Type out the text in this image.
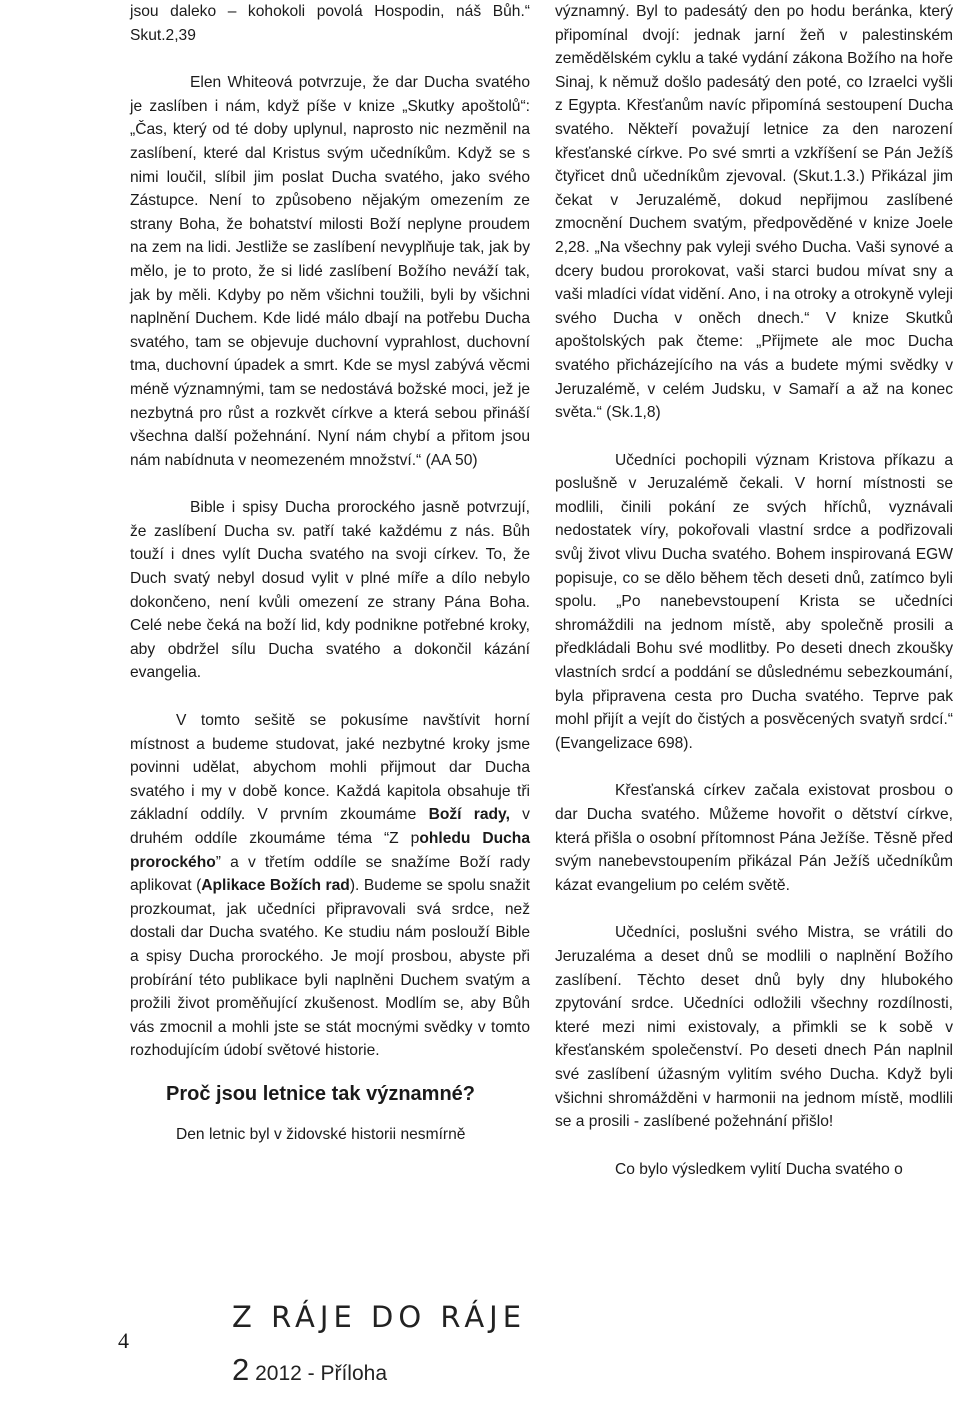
jsou daleko – kohokoli povolá Hospodin, náš Bůh.“ Skut.2,39

Elen Whiteová potvrzuje, že dar Ducha svatého je zaslíben i nám, když píše v knize „Skutky apoštolů“: „Čas, který od té doby uplynul, naprosto nic nezměnil na zaslíbení, které dal Kristus svým učedníkům. Když se s nimi loučil, slíbil jim poslat Ducha svatého, jako svého Zástupce. Není to způsobeno nějakým omezením ze strany Boha, že bohatství milosti Boží neplyne proudem na zem na lidi. Jestliže se zaslíbení nevyplňuje tak, jak by mělo, je to proto, že si lidé zaslíbení Božího neváží tak, jak by měli. Kdyby po něm všichni toužili, byli by všichni naplnění Duchem. Kde lidé málo dbají na potřebu Ducha svatého, tam se objevuje duchovní vyprahlost, duchovní tma, duchovní úpadek a smrt. Kde se mysl zabývá věcmi méně významnými, tam se nedostává božské moci, jež je nezbytná pro růst a rozkvět církve a která sebou přináší všechna další požehnání. Nyní nám chybí a přitom jsou nám nabídnuta v neomezeném množství.“ (AA 50)

Bible i spisy Ducha prorockého jasně potvrzují, že zaslíbení Ducha sv. patří také každému z nás. Bůh touží i dnes vylít Ducha svatého na svoji církev. To, že Duch svatý nebyl dosud vylit v plné míře a dílo nebylo dokončeno, není kvůli omezení ze strany Pána Boha. Celé nebe čeká na boží lid, kdy podnikne potřebné kroky, aby obdržel sílu Ducha svatého a dokončil kázání evangelia.

V tomto sešitě se pokusíme navštívit horní místnost a budeme studovat, jaké nezbytné kroky jsme povinni udělat, abychom mohli přijmout dar Ducha svatého i my v době konce. Každá kapitola obsahuje tři základní oddíly. V prvním zkoumáme Boží rady, v druhém oddíle zkoumáme téma “Z pohledu Ducha prorockého” a v třetím oddíle se snažíme Boží rady aplikovat (Aplikace Božích rad). Budeme se spolu snažit prozkoumat, jak učedníci připravovali svá srdce, než dostali dar Ducha svatého. Ke studiu nám poslouží Bible a spisy Ducha prorockého. Je mojí prosbou, abyste při probírání této publikace byli naplněni Duchem svatým a prožili život proměňující zkušenost. Modlím se, aby Bůh vás zmocnil a mohli jste se stát mocnými svědky v tomto rozhodujícím údobí světové historie.

Proč jsou letnice tak významné?

Den letnic byl v židovské historii nesmírně

významný. Byl to padesátý den po hodu beránka, který připomínal dvojí: jednak jarní žeň v palestinském zemědělském cyklu a také vydání zákona Božího na hoře Sinaj, k němuž došlo padesátý den poté, co Izraelci vyšli z Egypta. Křesťanům navíc připomíná sestoupení Ducha svatého. Někteří považují letnice za den narození křesťanské církve. Po své smrti a vzkříšení se Pán Ježíš čtyřicet dnů učedníkům zjevoval. (Skut.1.3.) Přikázal jim čekat v Jeruzalémě, dokud nepřijmou zaslíbené zmocnění Duchem svatým, předpověděné v knize Joele 2,28. „Na všechny pak vyleji svého Ducha. Vaši synové a dcery budou prorokovat, vaši starci budou mívat sny a vaši mladíci vídat vidění. Ano, i na otroky a otrokyně vyleji svého Ducha v oněch dnech.“ V knize Skutků apoštolských pak čteme: „Přijmete ale moc Ducha svatého přicházejícího na vás a budete mými svědky v Jeruzalémě, v celém Judsku, v Samaří a až na konec světa.“ (Sk.1,8)

Učedníci pochopili význam Kristova příkazu a poslušně v Jeruzalémě čekali. V horní místnosti se modlili, činili pokání ze svých hříchů, vyznávali nedostatek víry, pokořovali vlastní srdce a podřizovali svůj život vlivu Ducha svatého. Bohem inspirovaná EGW popisuje, co se dělo během těch deseti dnů, zatímco byli spolu. „Po nanebevstoupení Krista se učedníci shromáždili na jednom místě, aby společně prosili a předkládali Bohu své modlitby. Po deseti dnech zkoušky vlastních srdcí a poddání se důslednému sebezkoumání, byla připravena cesta pro Ducha svatého. Teprve pak mohl přijít a vejít do čistých a posvěcených svatyň srdcí.“ (Evangelizace 698).

Křesťanská církev začala existovat prosbou o dar Ducha svatého. Můžeme hovořit o dětství církve, která přišla o osobní přítomnost Pána Ježíše. Těsně před svým nanebevstoupením přikázal Pán Ježíš učedníkům kázat evangelium po celém světě.

Učedníci, poslušni svého Mistra, se vrátili do Jeruzaléma a deset dnů se modlili o naplnění Božího zaslíbení. Těchto deset dnů byly dny hlubokého zpytování srdce. Učedníci odložili všechny rozdílnosti, které mezi nimi existovaly, a přimkli se k sobě v křesťanském společenství. Po deseti dnech Pán naplnil své zaslíbení úžasným vylitím svého Ducha. Když byli všichni shromážděni v harmonii na jednom místě, modlili se a prosili - zaslíbené požehnání přišlo!

Co bylo výsledkem vylití Ducha svatého o

4
Z RÁJE DO RÁJE
2 2012 - Příloha
